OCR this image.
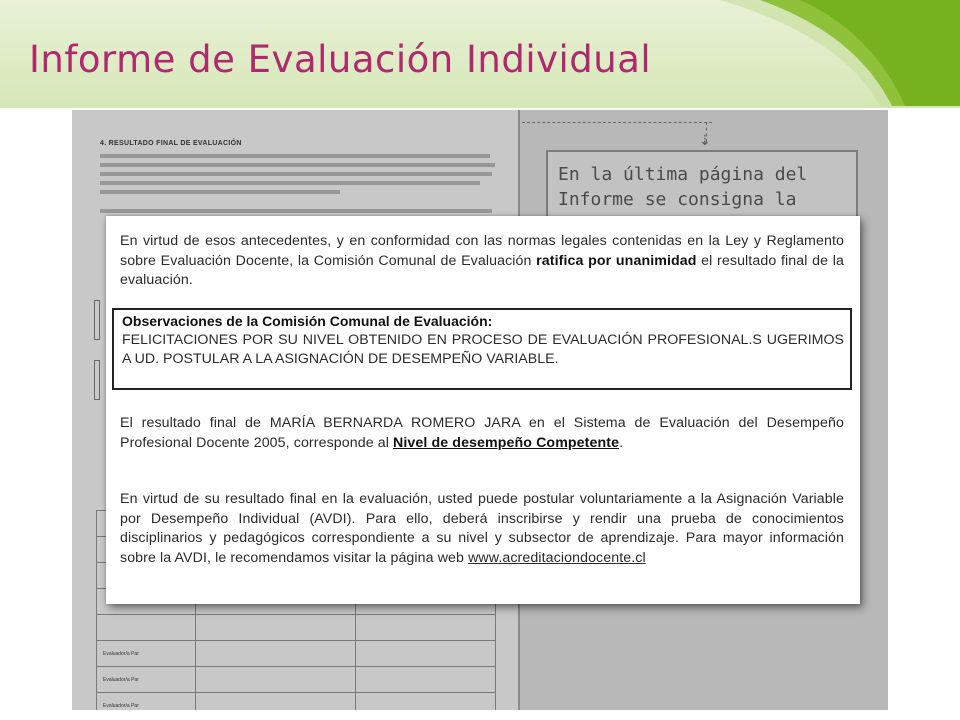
Informe de Evaluación Individual
4. RESULTADO FINAL DE EVALUACIÓN

Evaluador/a Par		
Evaluador/a Par		
Evaluador/a Par		
⇣
En la última página del
Informe se consigna la
En virtud de esos antecedentes, y en conformidad con las normas legales contenidas en la Ley y Reglamento sobre Evaluación Docente, la Comisión Comunal de Evaluación ratifica por unanimidad el resultado final de la evaluación.
Observaciones de la Comisión Comunal de Evaluación:
FELICITACIONES POR SU NIVEL OBTENIDO EN PROCESO DE EVALUACIÓN PROFESIONAL.S UGERIMOS A UD. POSTULAR A LA ASIGNACIÓN DE DESEMPEÑO VARIABLE.
El resultado final de MARÍA BERNARDA ROMERO JARA en el Sistema de Evaluación del Desempeño Profesional Docente 2005, corresponde al Nivel de desempeño Competente.
En virtud de su resultado final en la evaluación, usted puede postular voluntariamente a la Asignación Variable por Desempeño Individual (AVDI). Para ello, deberá inscribirse y rendir una prueba de conocimientos disciplinarios y pedagógicos correspondiente a su nivel y subsector de aprendizaje. Para mayor información sobre la AVDI, le recomendamos visitar la página web www.acreditaciondocente.cl
